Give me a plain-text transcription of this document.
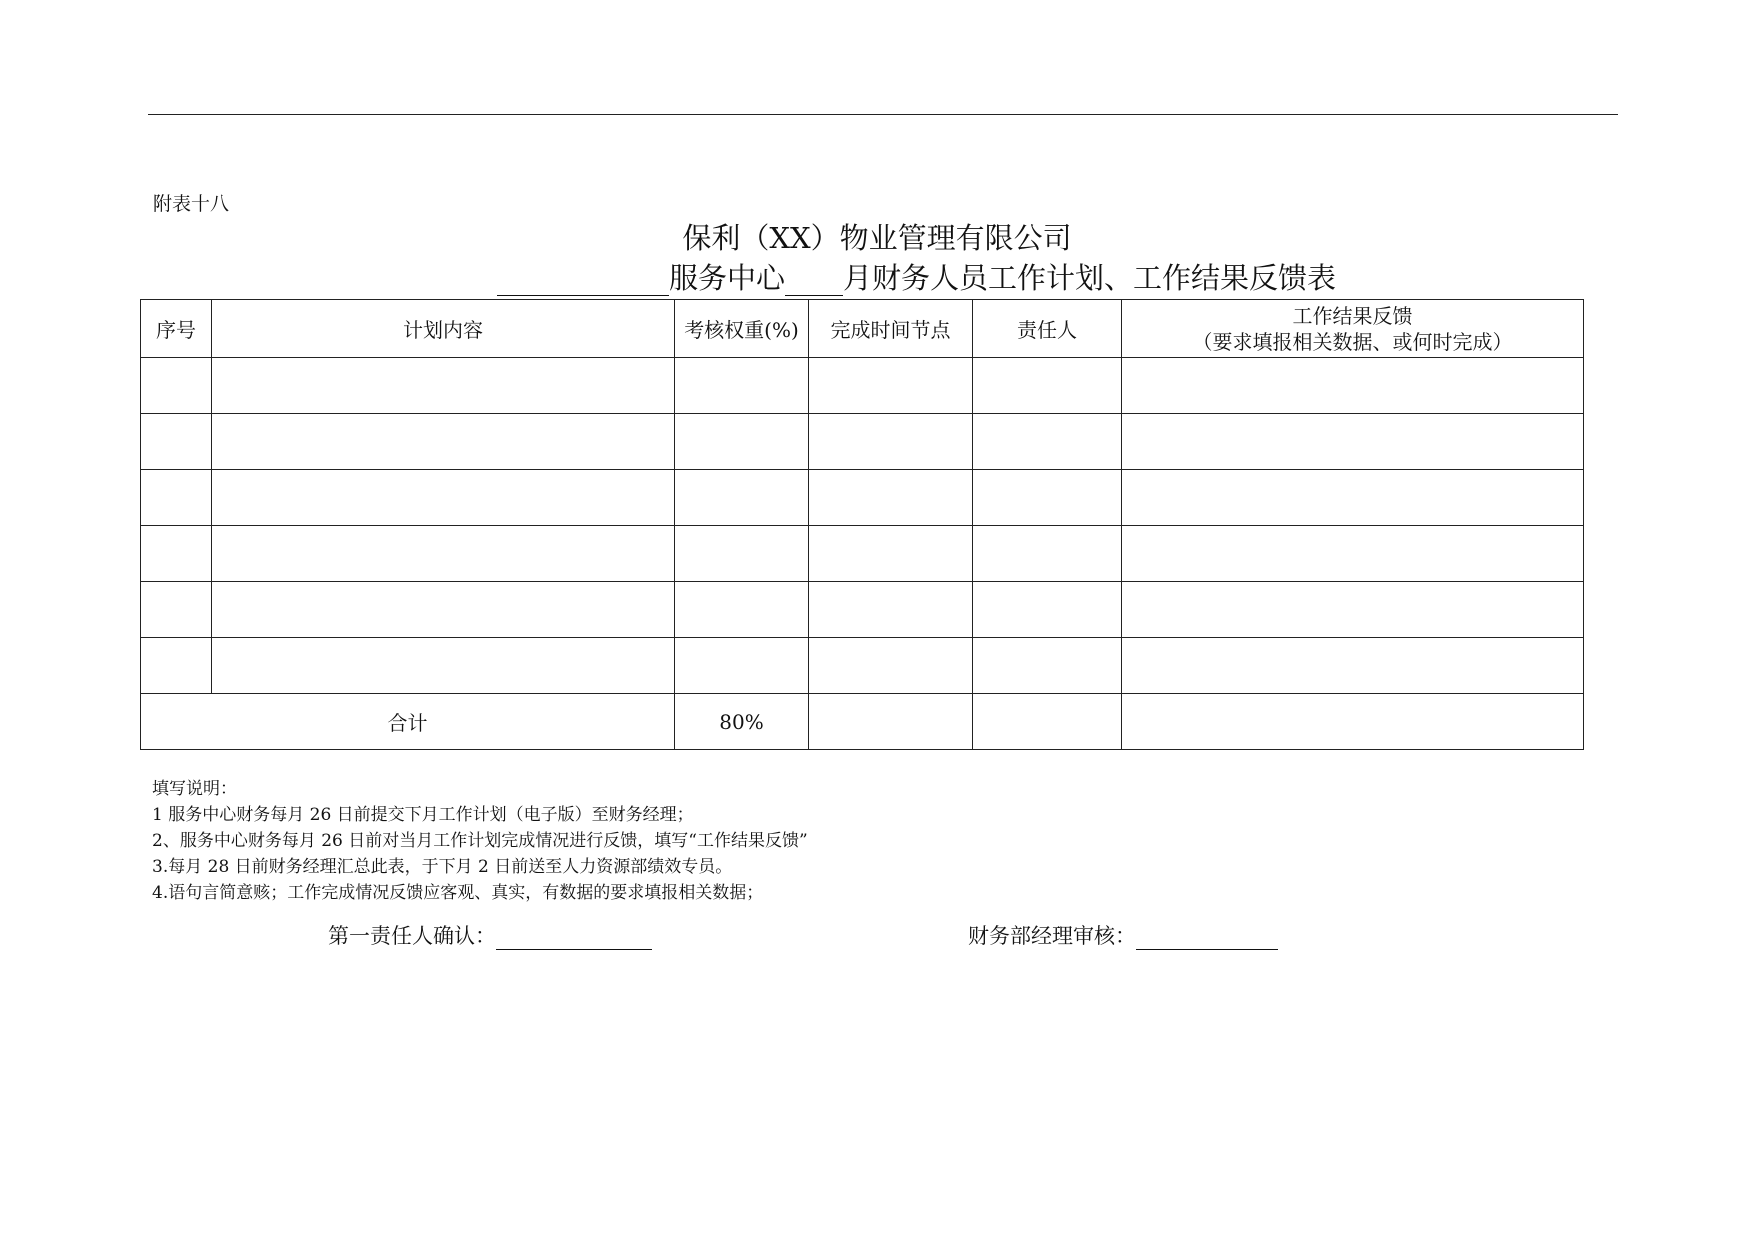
附表十八
保利（XX）物业管理有限公司
服务中心 月财务人员工作计划、工作结果反馈表
序号	计划内容	考核权重(%)	完成时间节点	责任人	工作结果反馈
（要求填报相关数据、或何时完成）

合计		80%			
填写说明：
1 服务中心财务每月 26 日前提交下月工作计划（电子版）至财务经理；
2、服务中心财务每月 26 日前对当月工作计划完成情况进行反馈，填写“工作结果反馈”
3.每月 28 日前财务经理汇总此表，于下月 2 日前送至人力资源部绩效专员。
4.语句言简意赅；工作完成情况反馈应客观、真实，有数据的要求填报相关数据；
第一责任人确认：	财务部经理审核：
